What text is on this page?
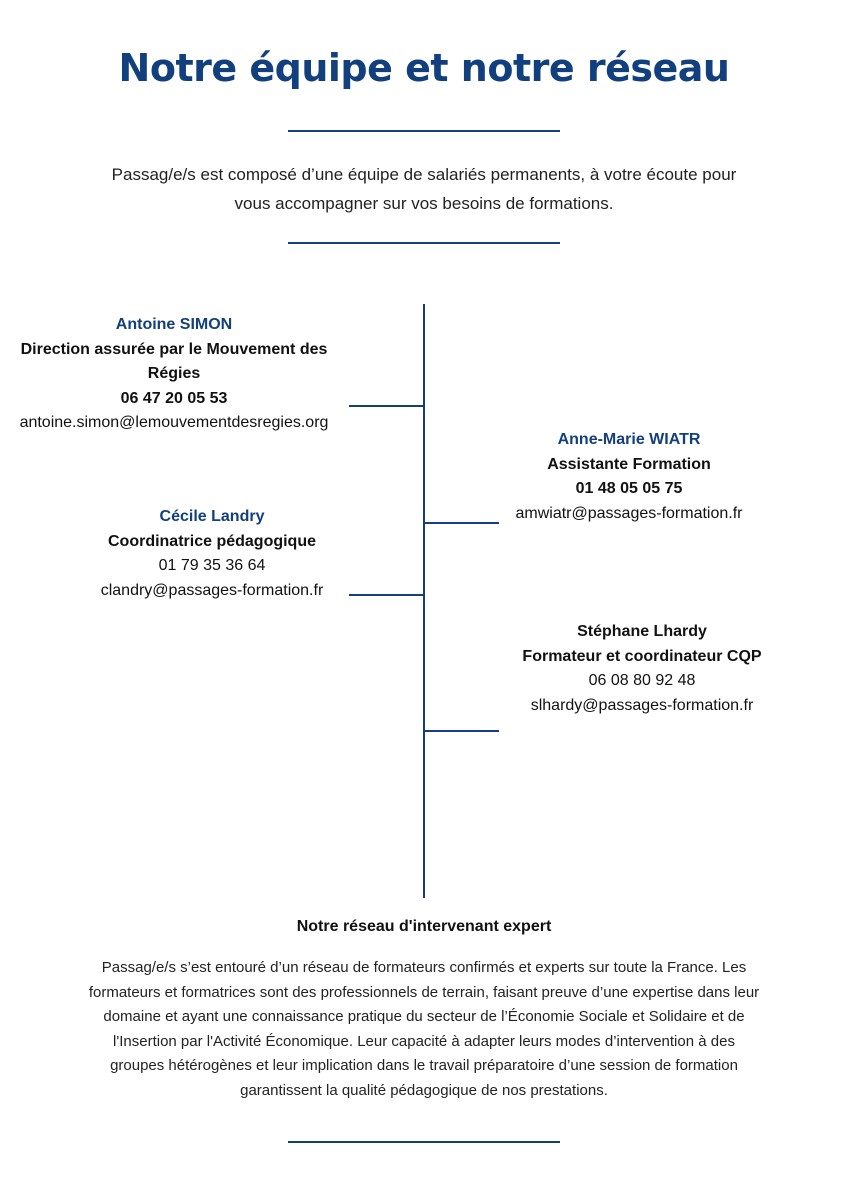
Notre équipe et notre réseau

Passag/e/s est composé d’une équipe de salariés permanents, à votre écoute pour vous accompagner sur vos besoins de formations.

Antoine SIMON
Direction assurée par le Mouvement des Régies
06 47 20 05 53
antoine.simon@lemouvementdesregies.org
Anne-Marie WIATR
Assistante Formation
01 48 05 05 75
amwiatr@passages-formation.fr
Cécile Landry
Coordinatrice pédagogique
01 79 35 36 64
clandry@passages-formation.fr
Stéphane Lhardy
Formateur et coordinateur CQP
06 08 80 92 48
slhardy@passages-formation.fr
Notre réseau d'intervenant expert

Passag/e/s s’est entouré d’un réseau de formateurs confirmés et experts sur toute la France. Les formateurs et formatrices sont des professionnels de terrain, faisant preuve d’une expertise dans leur domaine et ayant une connaissance pratique du secteur de l’Économie Sociale et Solidaire et de l'Insertion par l'Activité Économique. Leur capacité à adapter leurs modes d’intervention à des groupes hétérogènes et leur implication dans le travail préparatoire d’une session de formation garantissent la qualité pédagogique de nos prestations.
